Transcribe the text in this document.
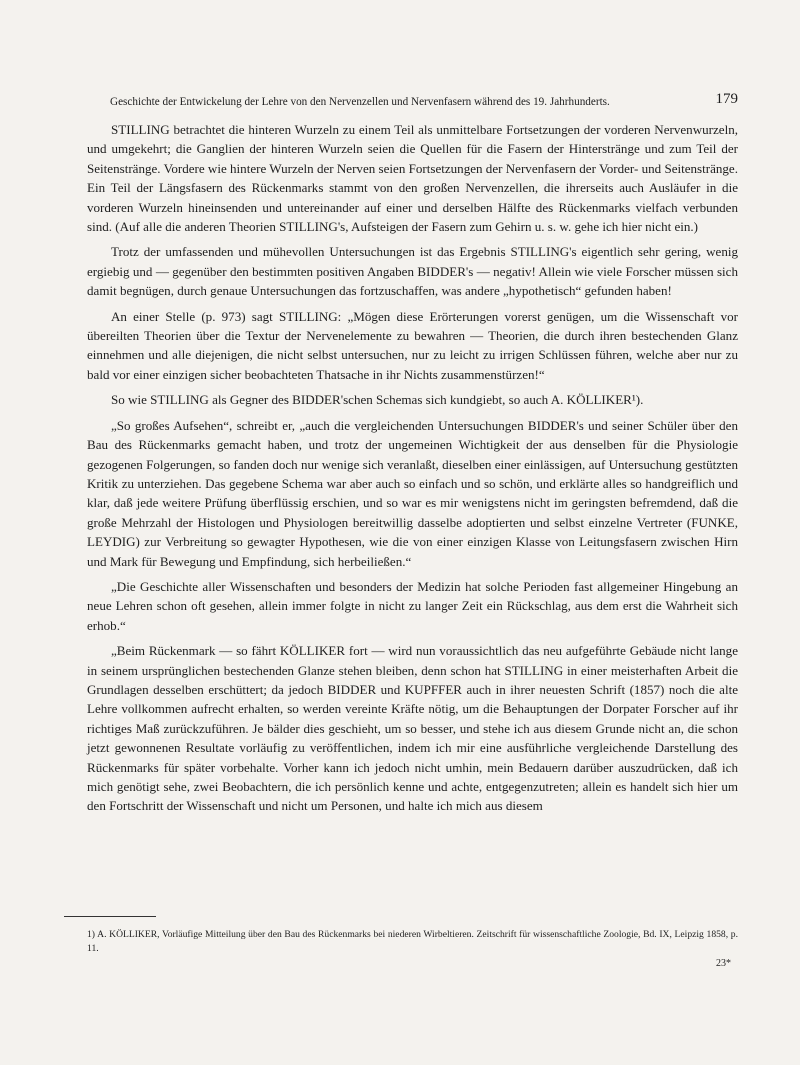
Geschichte der Entwickelung der Lehre von den Nervenzellen und Nervenfasern während des 19. Jahrhunderts.	179

STILLING betrachtet die hinteren Wurzeln zu einem Teil als unmittelbare Fortsetzungen der vorderen Nervenwurzeln, und umgekehrt; die Ganglien der hinteren Wurzeln seien die Quellen für die Fasern der Hinterstränge und zum Teil der Seitenstränge. Vordere wie hintere Wurzeln der Nerven seien Fortsetzungen der Nervenfasern der Vorder- und Seitenstränge. Ein Teil der Längsfasern des Rückenmarks stammt von den großen Nervenzellen, die ihrerseits auch Ausläufer in die vorderen Wurzeln hineinsenden und untereinander auf einer und derselben Hälfte des Rückenmarks vielfach verbunden sind. (Auf alle die anderen Theorien STILLING's, Aufsteigen der Fasern zum Gehirn u. s. w. gehe ich hier nicht ein.)

Trotz der umfassenden und mühevollen Untersuchungen ist das Ergebnis STILLING's eigentlich sehr gering, wenig ergiebig und — gegenüber den bestimmten positiven Angaben BIDDER's — negativ! Allein wie viele Forscher müssen sich damit begnügen, durch genaue Untersuchungen das fortzuschaffen, was andere „hypothetisch“ gefunden haben!

An einer Stelle (p. 973) sagt STILLING: „Mögen diese Erörterungen vorerst genügen, um die Wissenschaft vor übereilten Theorien über die Textur der Nervenelemente zu bewahren — Theorien, die durch ihren bestechenden Glanz einnehmen und alle diejenigen, die nicht selbst untersuchen, nur zu leicht zu irrigen Schlüssen führen, welche aber nur zu bald vor einer einzigen sicher beobachteten Thatsache in ihr Nichts zusammenstürzen!“

So wie STILLING als Gegner des BIDDER'schen Schemas sich kundgiebt, so auch A. KÖLLIKER¹).

„So großes Aufsehen“, schreibt er, „auch die vergleichenden Untersuchungen BIDDER's und seiner Schüler über den Bau des Rückenmarks gemacht haben, und trotz der ungemeinen Wichtigkeit der aus denselben für die Physiologie gezogenen Folgerungen, so fanden doch nur wenige sich veranlaßt, dieselben einer einlässigen, auf Untersuchung gestützten Kritik zu unterziehen. Das gegebene Schema war aber auch so einfach und so schön, und erklärte alles so handgreiflich und klar, daß jede weitere Prüfung überflüssig erschien, und so war es mir wenigstens nicht im geringsten befremdend, daß die große Mehrzahl der Histologen und Physiologen bereitwillig dasselbe adoptierten und selbst einzelne Vertreter (FUNKE, LEYDIG) zur Verbreitung so gewagter Hypothesen, wie die von einer einzigen Klasse von Leitungsfasern zwischen Hirn und Mark für Bewegung und Empfindung, sich herbeiließen.“

„Die Geschichte aller Wissenschaften und besonders der Medizin hat solche Perioden fast allgemeiner Hingebung an neue Lehren schon oft gesehen, allein immer folgte in nicht zu langer Zeit ein Rückschlag, aus dem erst die Wahrheit sich erhob.“

„Beim Rückenmark — so fährt KÖLLIKER fort — wird nun voraussichtlich das neu aufgeführte Gebäude nicht lange in seinem ursprünglichen bestechenden Glanze stehen bleiben, denn schon hat STILLING in einer meisterhaften Arbeit die Grundlagen desselben erschüttert; da jedoch BIDDER und KUPFFER auch in ihrer neuesten Schrift (1857) noch die alte Lehre vollkommen aufrecht erhalten, so werden vereinte Kräfte nötig, um die Behauptungen der Dorpater Forscher auf ihr richtiges Maß zurückzuführen. Je bälder dies geschieht, um so besser, und stehe ich aus diesem Grunde nicht an, die schon jetzt gewonnenen Resultate vorläufig zu veröffentlichen, indem ich mir eine ausführliche vergleichende Darstellung des Rückenmarks für später vorbehalte. Vorher kann ich jedoch nicht umhin, mein Bedauern darüber auszudrücken, daß ich mich genötigt sehe, zwei Beobachtern, die ich persönlich kenne und achte, entgegenzutreten; allein es handelt sich hier um den Fortschritt der Wissenschaft und nicht um Personen, und halte ich mich aus diesem

1) A. KÖLLIKER, Vorläufige Mitteilung über den Bau des Rückenmarks bei niederen Wirbeltieren. Zeitschrift für wissenschaftliche Zoologie, Bd. IX, Leipzig 1858, p. 11.
23*
